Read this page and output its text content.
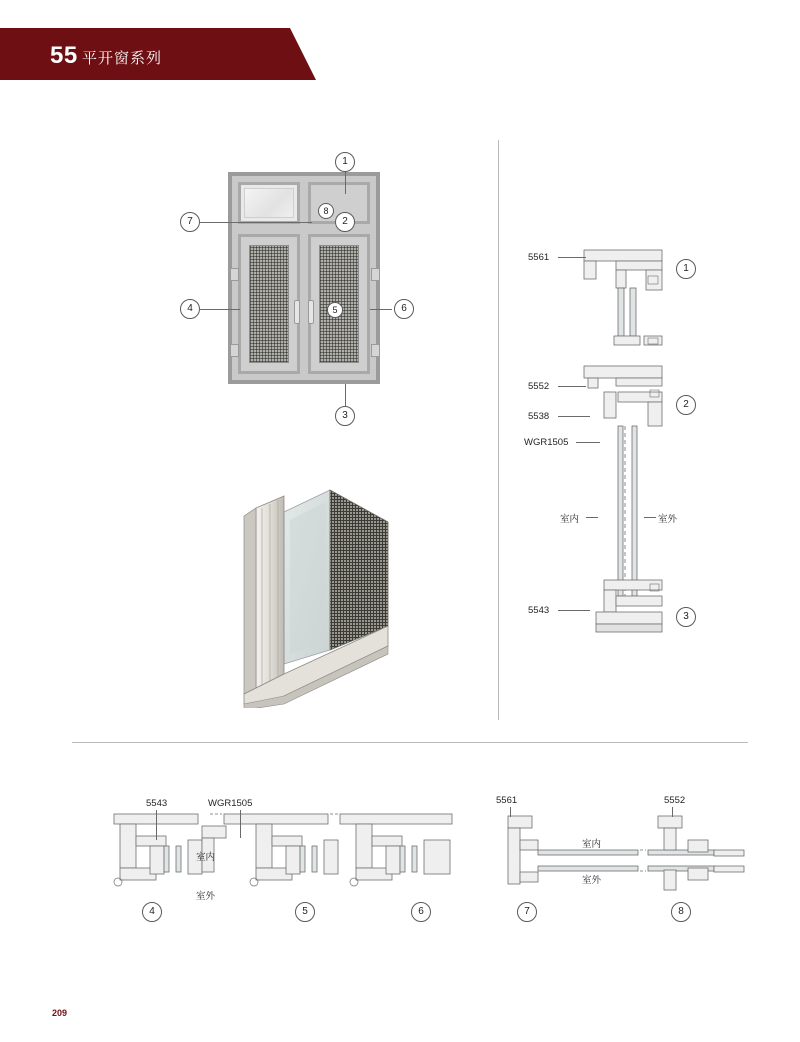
55 平开窗系列
1
2
3
4	5	6
7
8
5561
5552
5538
WGR1505
5543
室内	室外
1
2
3
5543	WGR1505
室内
室外
4	5	6
5561	5552
室内
室外
7	8
209
